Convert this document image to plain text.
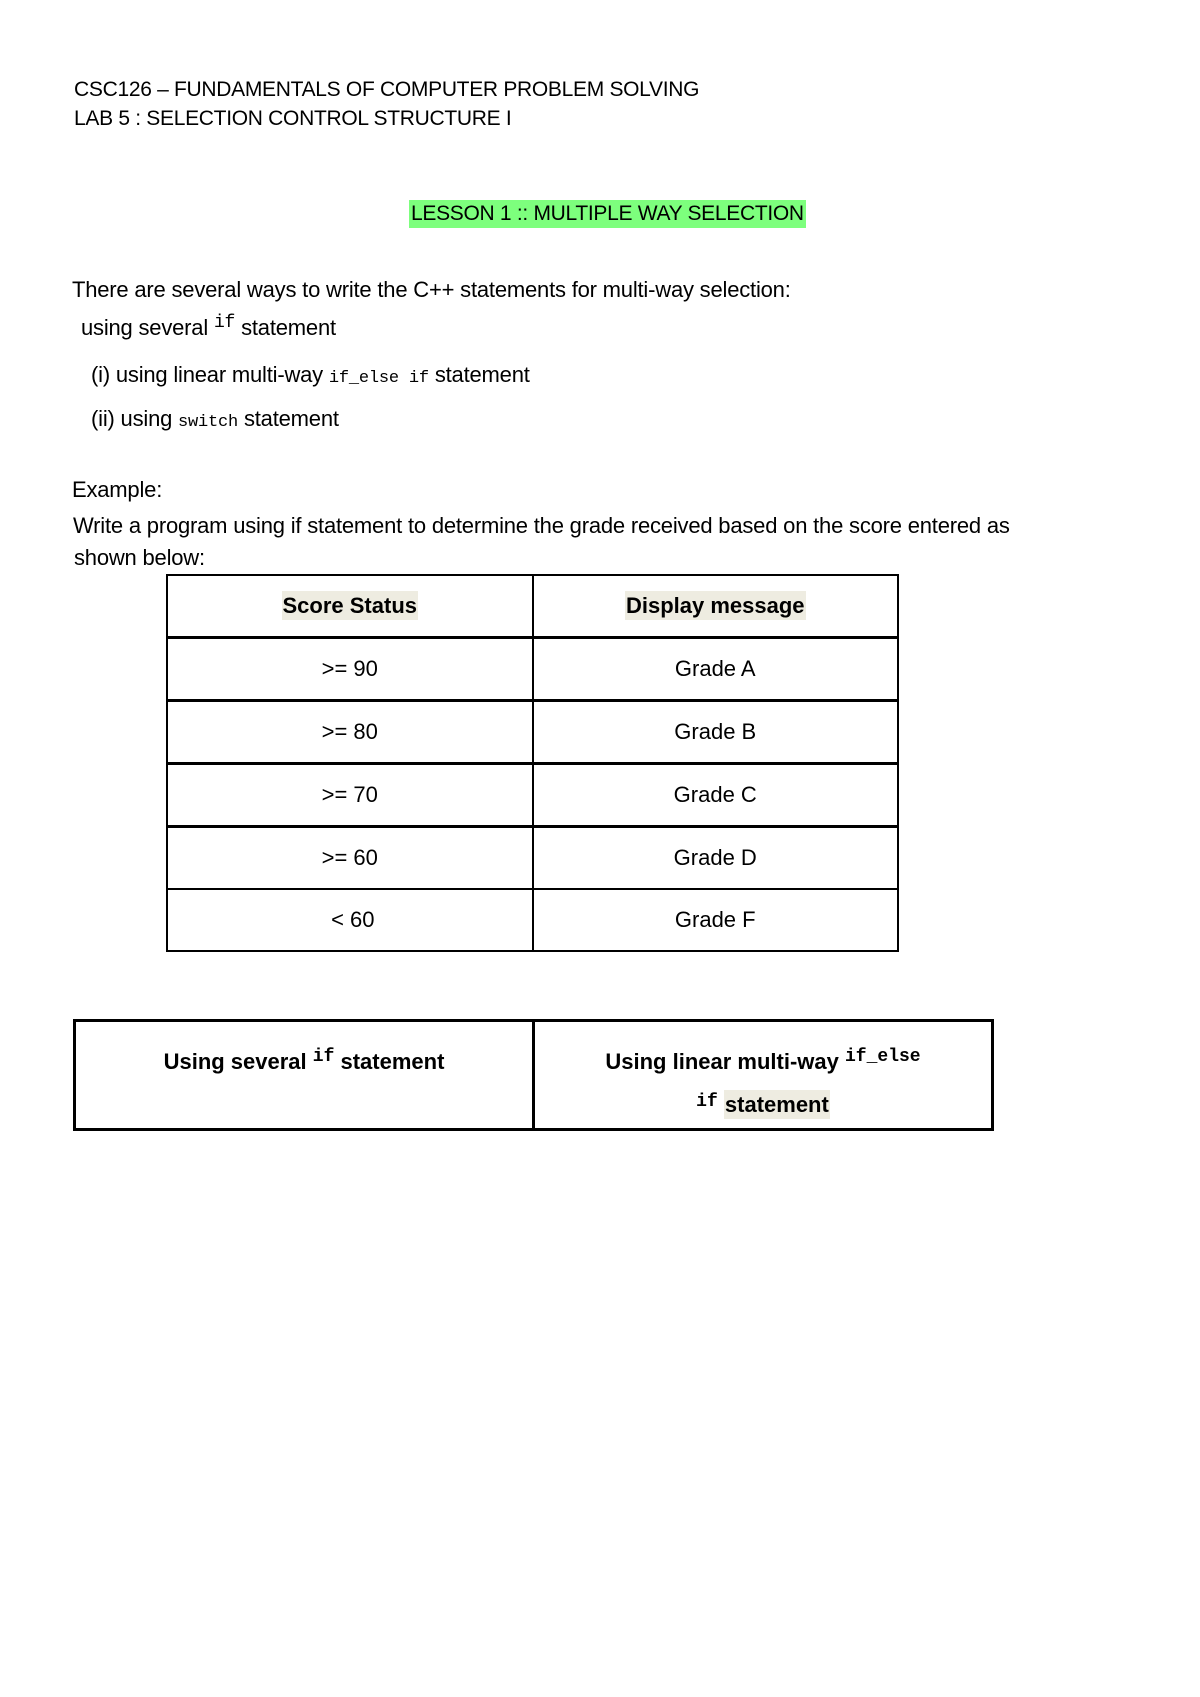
CSC126 – FUNDAMENTALS OF COMPUTER PROBLEM SOLVING
LAB 5 : SELECTION CONTROL STRUCTURE I
LESSON 1 :: MULTIPLE WAY SELECTION
There are several ways to write the C++ statements for multi-way selection:
using several $^{if}$ statement
(i) using linear multi-way if_else if statement
(ii) using switch statement
Example:
Write a program using if statement to determine the grade received based on the score entered as
shown below:
Score Status	Display message
>= 90	Grade A
>= 80	Grade B
>= 70	Grade C
>= 60	Grade D
< 60	Grade F
Using several $^{if}$ statement	Using linear multi-way $^{if\_else}$
$^{if}$ statement
